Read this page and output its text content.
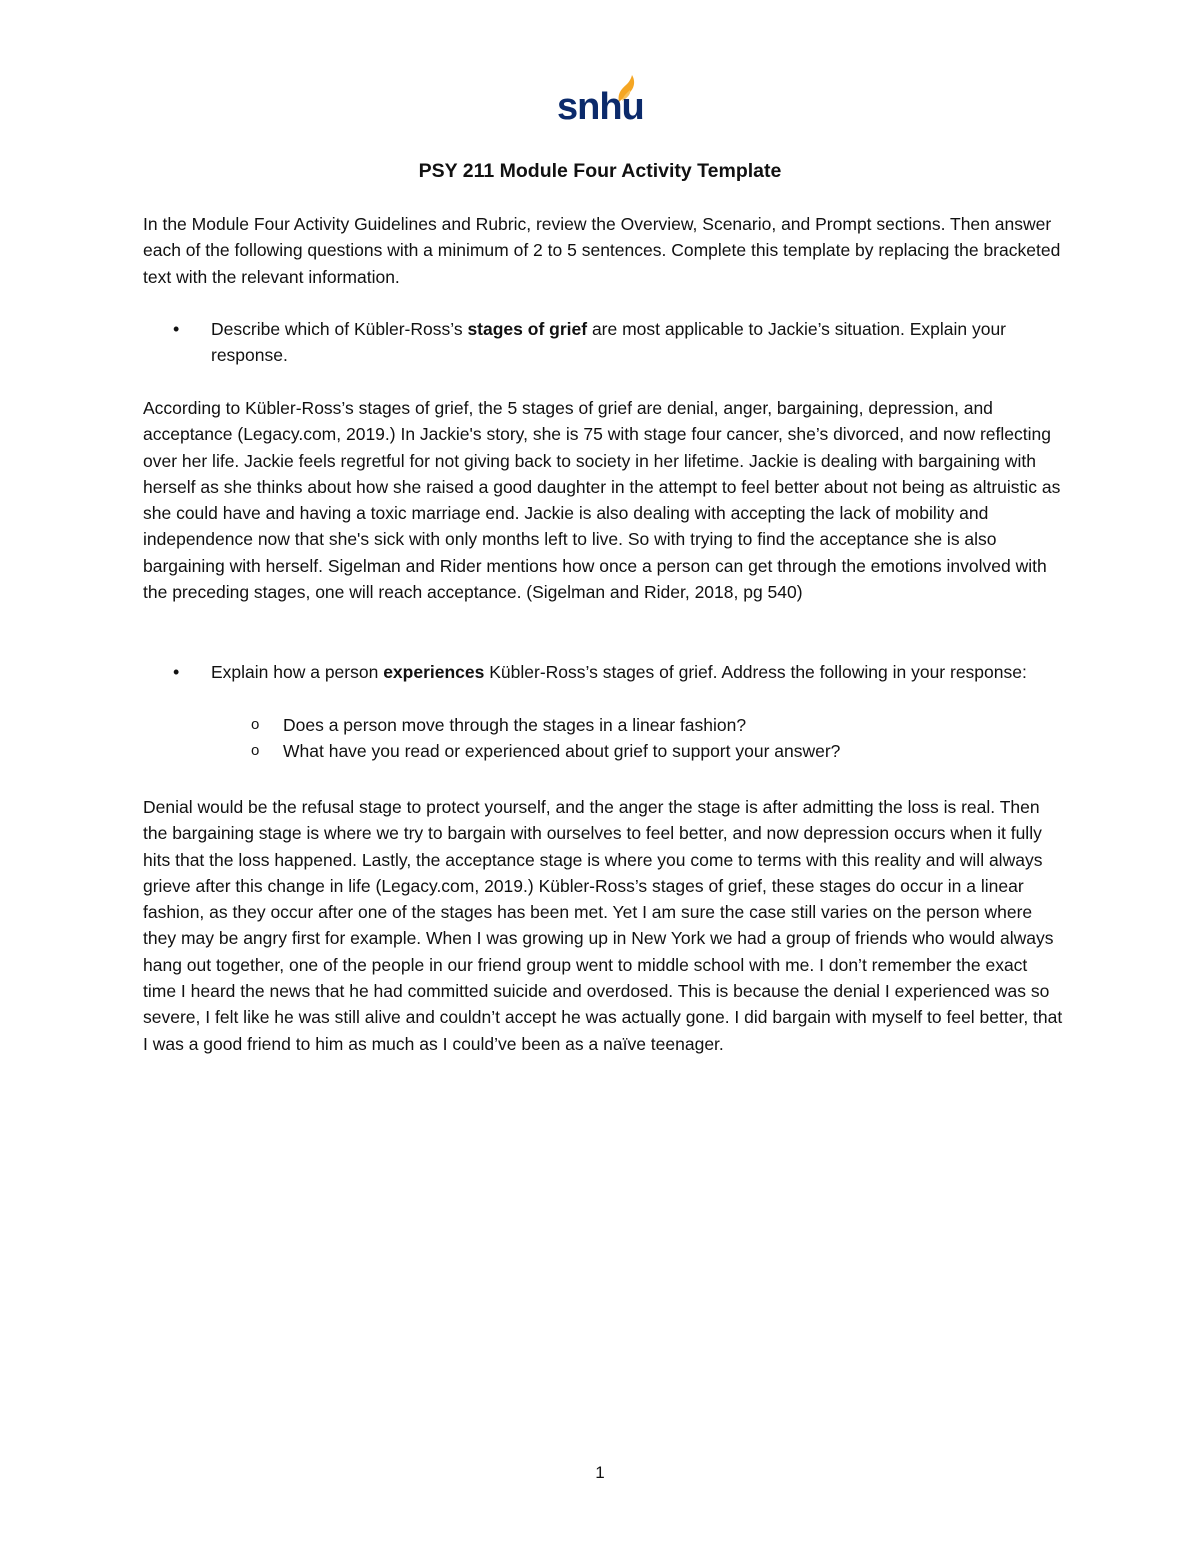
snhu
PSY 211 Module Four Activity Template

In the Module Four Activity Guidelines and Rubric, review the Overview, Scenario, and Prompt sections. Then answer each of the following questions with a minimum of 2 to 5 sentences. Complete this template by replacing the bracketed text with the relevant information.

• Describe which of Kübler-Ross’s stages of grief are most applicable to Jackie’s situation. Explain your response.

According to Kübler-Ross’s stages of grief, the 5 stages of grief are denial, anger, bargaining, depression, and acceptance (Legacy.com, 2019.) In Jackie's story, she is 75 with stage four cancer, she’s divorced, and now reflecting over her life. Jackie feels regretful for not giving back to society in her lifetime. Jackie is dealing with bargaining with herself as she thinks about how she raised a good daughter in the attempt to feel better about not being as altruistic as she could have and having a toxic marriage end. Jackie is also dealing with accepting the lack of mobility and independence now that she's sick with only months left to live. So with trying to find the acceptance she is also bargaining with herself. Sigelman and Rider mentions how once a person can get through the emotions involved with the preceding stages, one will reach acceptance. (Sigelman and Rider, 2018, pg 540)

• Explain how a person experiences Kübler-Ross’s stages of grief. Address the following in your response:
o Does a person move through the stages in a linear fashion?
o What have you read or experienced about grief to support your answer?

Denial would be the refusal stage to protect yourself, and the anger the stage is after admitting the loss is real. Then the bargaining stage is where we try to bargain with ourselves to feel better, and now depression occurs when it fully hits that the loss happened. Lastly, the acceptance stage is where you come to terms with this reality and will always grieve after this change in life (Legacy.com, 2019.) Kübler-Ross’s stages of grief, these stages do occur in a linear fashion, as they occur after one of the stages has been met. Yet I am sure the case still varies on the person where they may be angry first for example. When I was growing up in New York we had a group of friends who would always hang out together, one of the people in our friend group went to middle school with me. I don’t remember the exact time I heard the news that he had committed suicide and overdosed. This is because the denial I experienced was so severe, I felt like he was still alive and couldn’t accept he was actually gone. I did bargain with myself to feel better, that I was a good friend to him as much as I could’ve been as a naïve teenager.

1
